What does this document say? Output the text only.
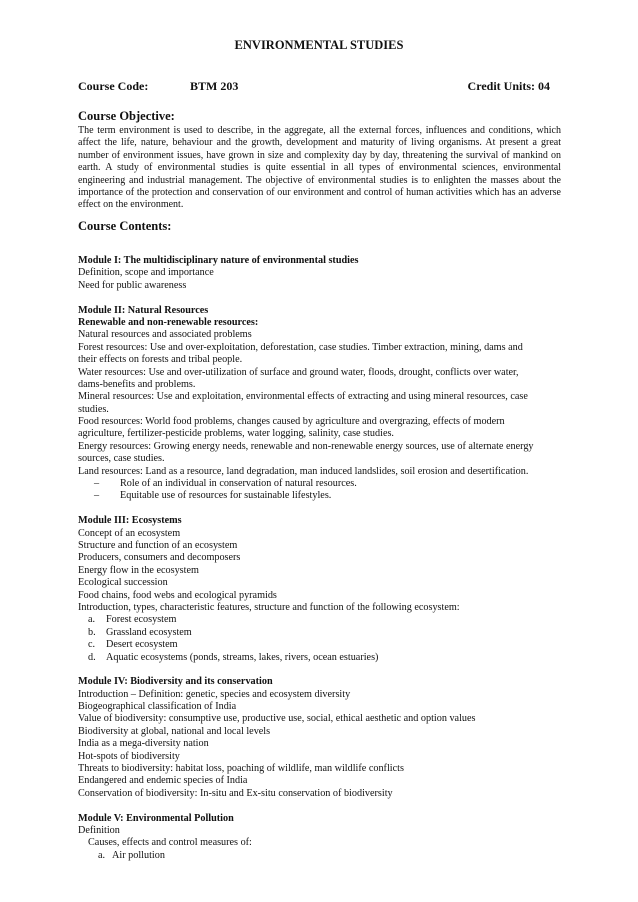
ENVIRONMENTAL STUDIES
Course Code:	BTM 203	Credit Units: 04
Course Objective:
The term environment is used to describe, in the aggregate, all the external forces, influences and conditions, which affect the life, nature, behaviour and the growth, development and maturity of living organisms. At present a great number of environment issues, have grown in size and complexity day by day, threatening the survival of mankind on earth. A study of environmental studies is quite essential in all types of environmental sciences, environmental engineering and industrial management. The objective of environmental studies is to enlighten the masses about the importance of the protection and conservation of our environment and control of human activities which has an adverse effect on the environment.
Course Contents:
Module I: The multidisciplinary nature of environmental studies
Definition, scope and importance
Need for public awareness
Module II: Natural Resources
Renewable and non-renewable resources:
Natural resources and associated problems
Forest resources: Use and over-exploitation, deforestation, case studies. Timber extraction, mining, dams and
their effects on forests and tribal people.
Water resources: Use and over-utilization of surface and ground water, floods, drought, conflicts over water,
dams-benefits and problems.
Mineral resources: Use and exploitation, environmental effects of extracting and using mineral resources, case
studies.
Food resources: World food problems, changes caused by agriculture and overgrazing, effects of modern
agriculture, fertilizer-pesticide problems, water logging, salinity, case studies.
Energy resources: Growing energy needs, renewable and non-renewable energy sources, use of alternate energy
sources, case studies.
Land resources: Land as a resource, land degradation, man induced landslides, soil erosion and desertification.
– Role of an individual in conservation of natural resources.
– Equitable use of resources for sustainable lifestyles.
Module III: Ecosystems
Concept of an ecosystem
Structure and function of an ecosystem
Producers, consumers and decomposers
Energy flow in the ecosystem
Ecological succession
Food chains, food webs and ecological pyramids
Introduction, types, characteristic features, structure and function of the following ecosystem:
a. Forest ecosystem
b. Grassland ecosystem
c. Desert ecosystem
d. Aquatic ecosystems (ponds, streams, lakes, rivers, ocean estuaries)
Module IV: Biodiversity and its conservation
Introduction – Definition: genetic, species and ecosystem diversity
Biogeographical classification of India
Value of biodiversity: consumptive use, productive use, social, ethical aesthetic and option values
Biodiversity at global, national and local levels
India as a mega-diversity nation
Hot-spots of biodiversity
Threats to biodiversity: habitat loss, poaching of wildlife, man wildlife conflicts
Endangered and endemic species of India
Conservation of biodiversity: In-situ and Ex-situ conservation of biodiversity
Module V: Environmental Pollution
Definition
Causes, effects and control measures of:
a. Air pollution
